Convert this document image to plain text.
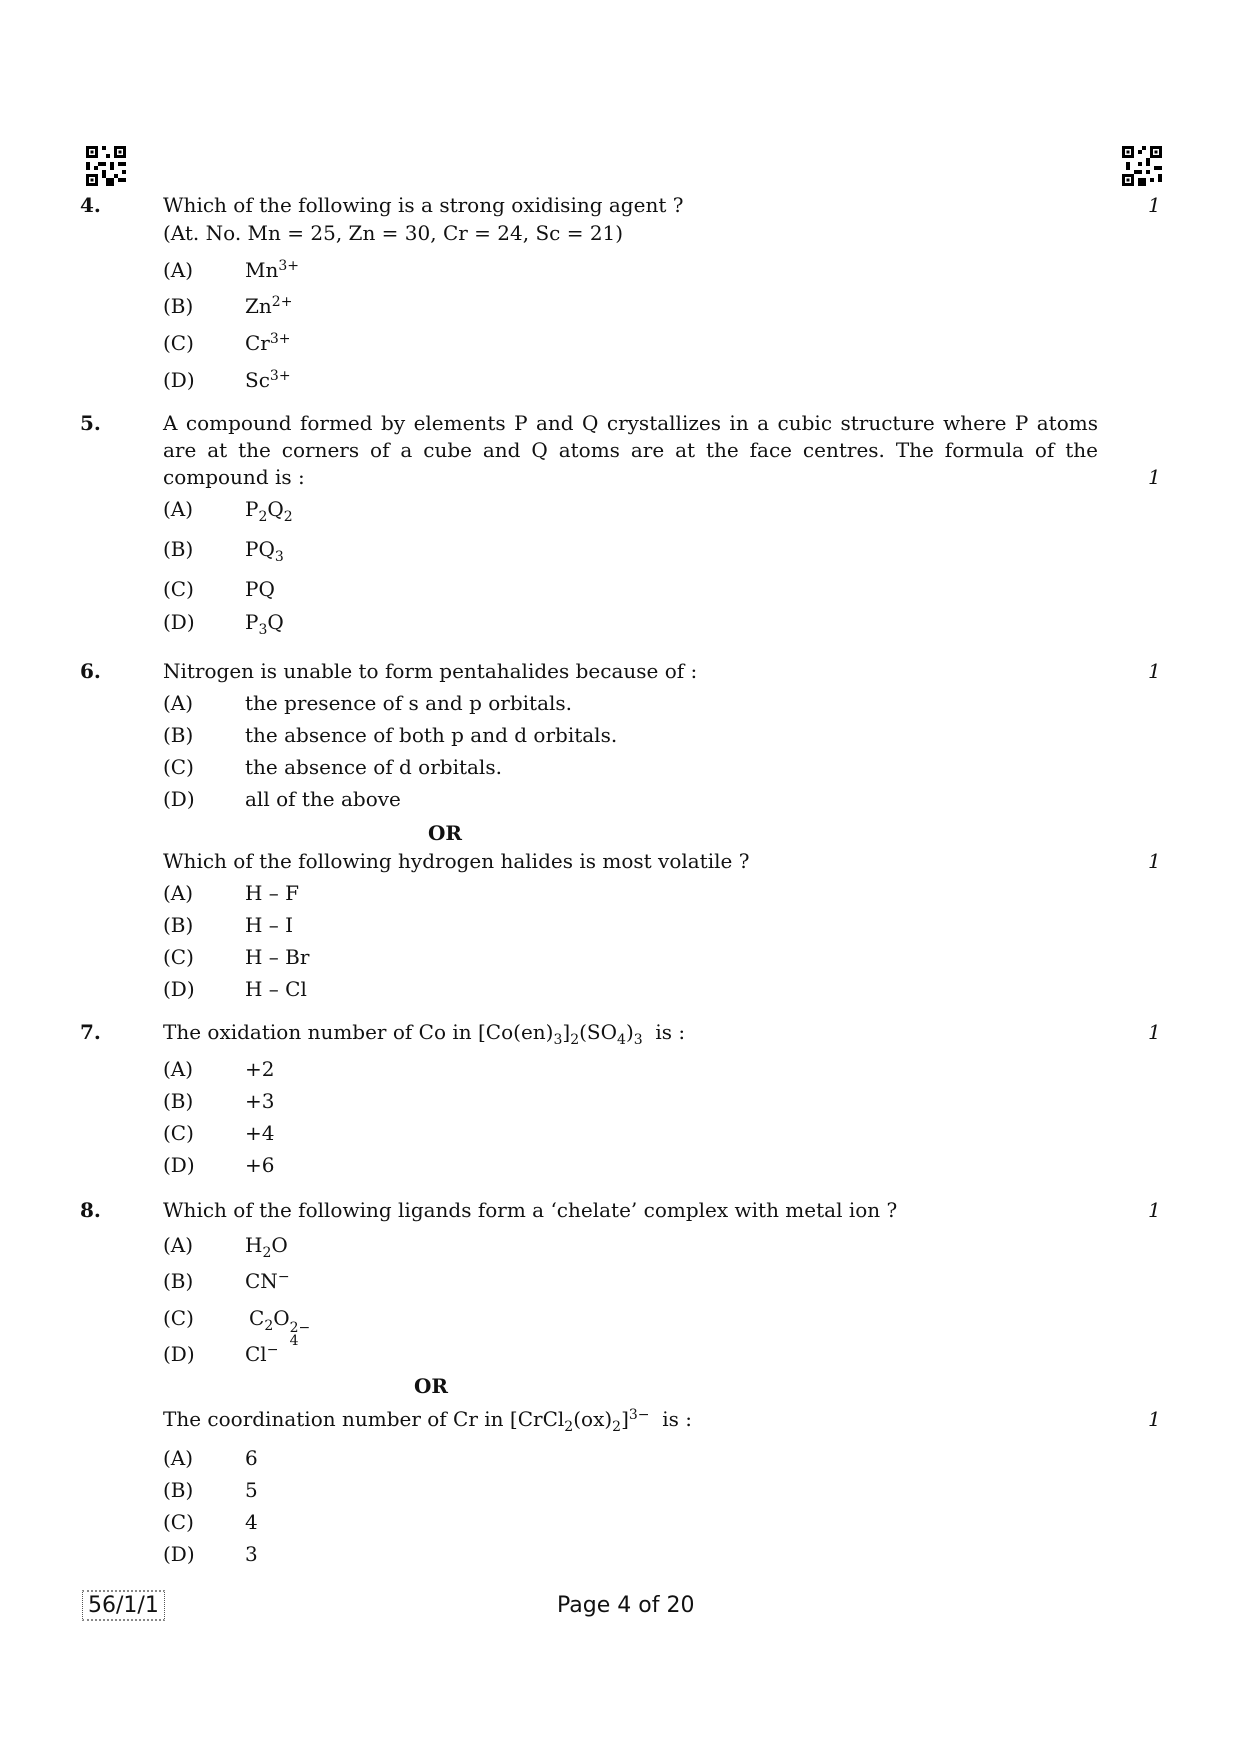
4.	Which of the following is a strong oxidising agent ?
(At. No. Mn = 25, Zn = 30, Cr = 24, Sc = 21)
1
(A)	$Mn^{3+}$
(B)	$Zn^{2+}$
(C)	$Cr^{3+}$
(D)	$Sc^{3+}$
5.	A compound formed by elements P and Q crystallizes in a cubic structure where P atoms
are at the corners of a cube and Q atoms are at the face centres. The formula of the
compound is :	1
(A)	$P_2Q_2$
(B)	$PQ_3$
(C)	PQ
(D)	$P_3Q$
6.	Nitrogen is unable to form pentahalides because of :	1
(A)	the presence of s and p orbitals.
(B)	the absence of both p and d orbitals.
(C)	the absence of d orbitals.
(D)	all of the above
OR
Which of the following hydrogen halides is most volatile ?	1
(A)	H – F
(B)	H – I
(C)	H – Br
(D)	H – Cl
7.	The oxidation number of Co in $[Co(en)_3]_2(SO_4)_3$ is :	1
(A)	+2
(B)	+3
(C)	+4
(D)	+6
8.	Which of the following ligands form a ‘chelate’ complex with metal ion ?	1
(A)	$H_2O$
(B)	CN−
(C)	$C_2O$ 2−
4
(D)	Cl−
OR
The coordination number of Cr in $[CrCl_2(ox)_2]^{3-}$ is :	1
(A)	6
(B)	5
(C)	4
(D)	3
56/1/1	Page 4 of 20
